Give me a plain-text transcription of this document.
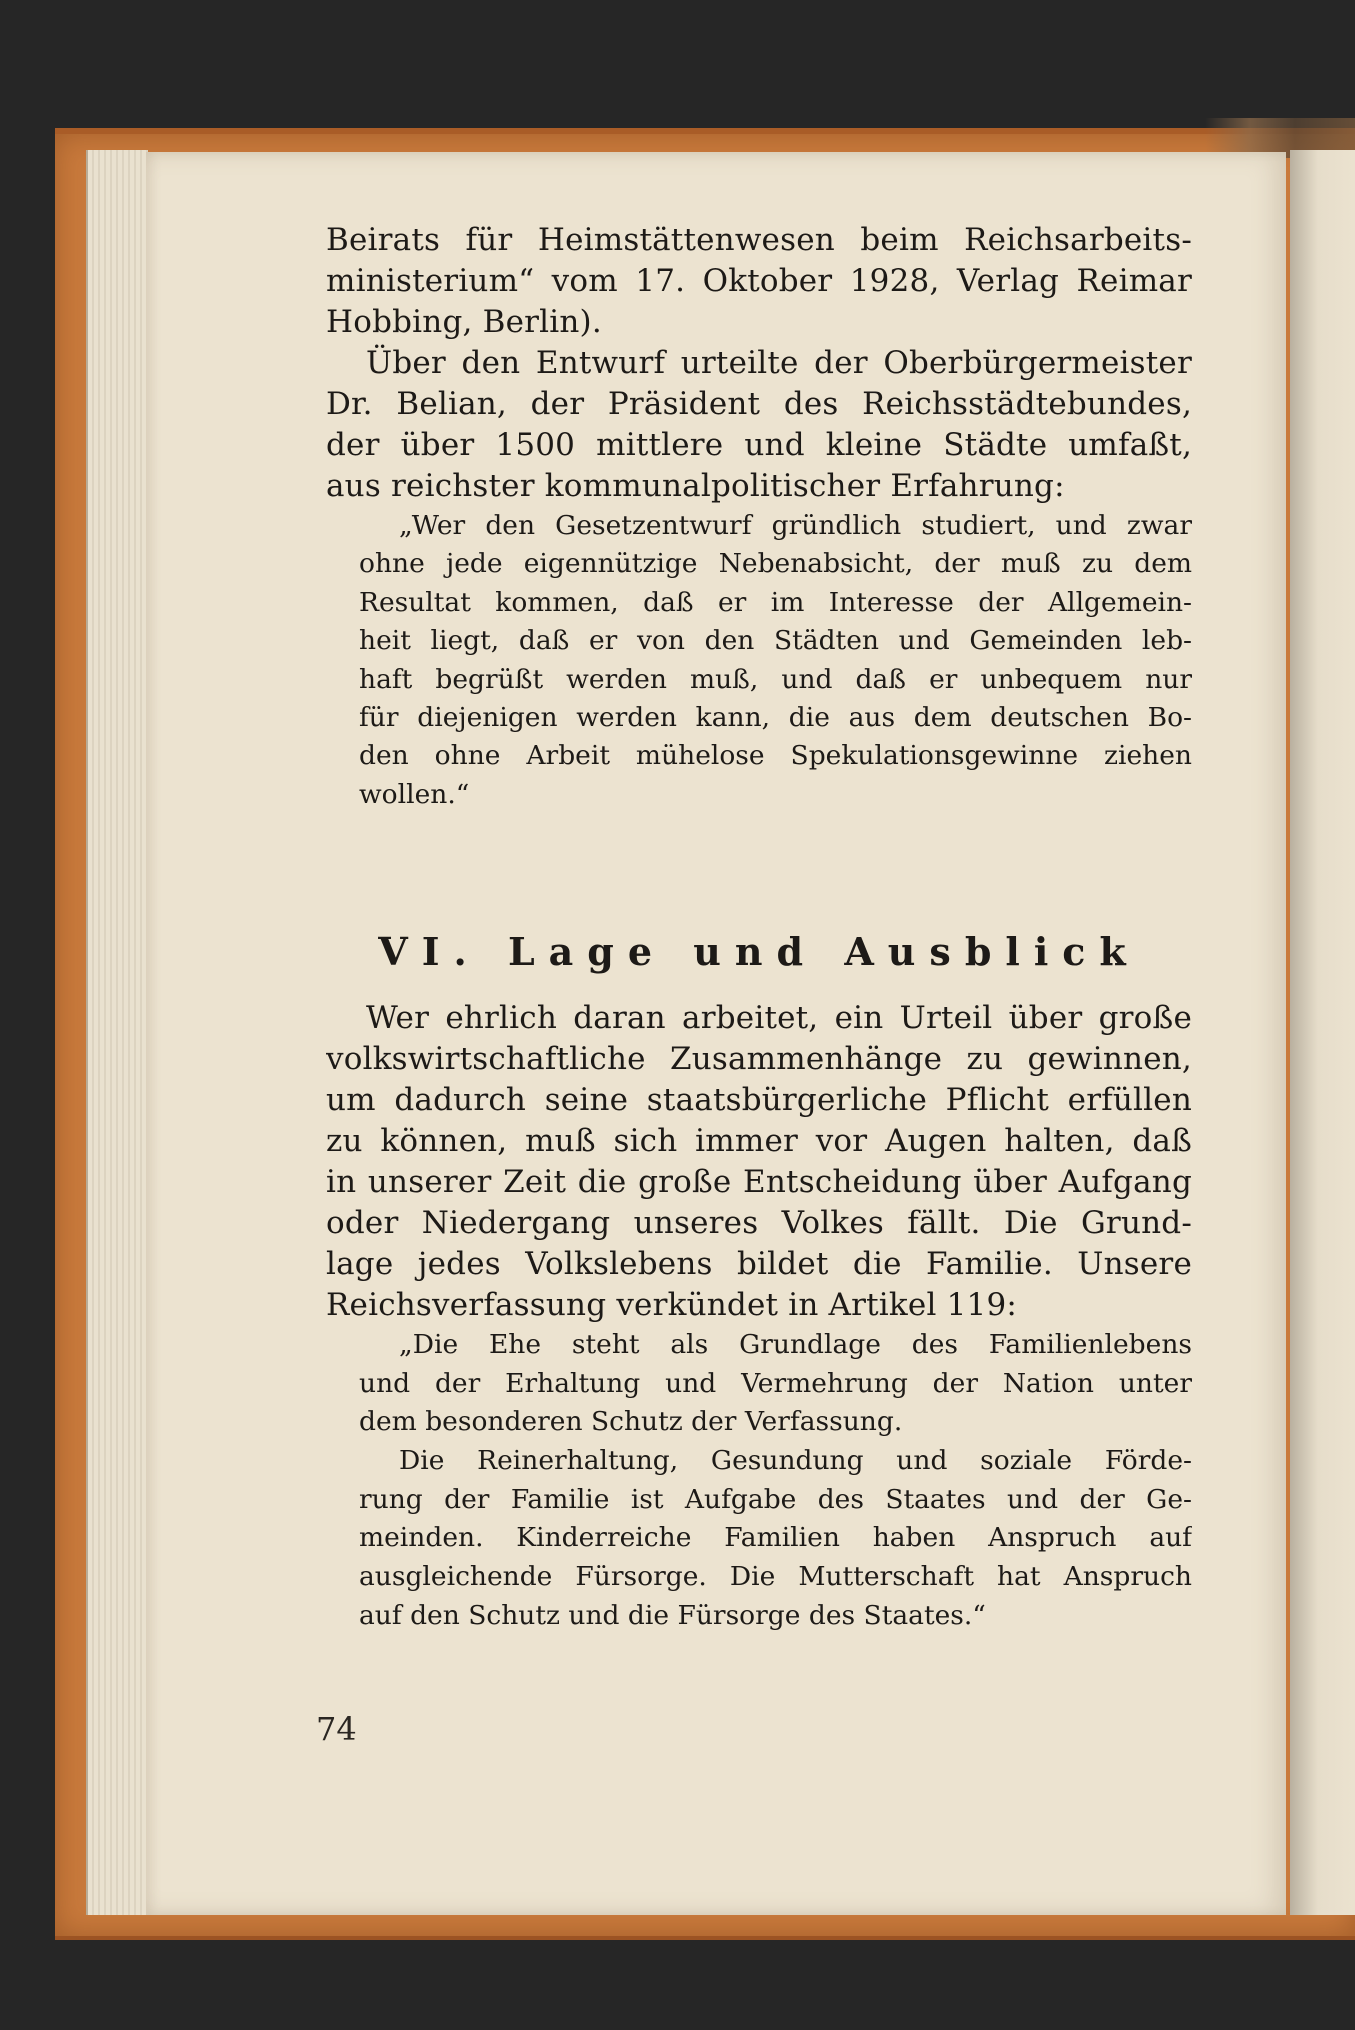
Beirats für Heimstättenwesen beim Reichsarbeits-
ministerium“ vom 17. Oktober 1928, Verlag Reimar
Hobbing, Berlin).
Über den Entwurf urteilte der Oberbürgermeister
Dr. Belian, der Präsident des Reichsstädtebundes,
der über 1500 mittlere und kleine Städte umfaßt,
aus reichster kommunalpolitischer Erfahrung:
„Wer den Gesetzentwurf gründlich studiert, und zwar
ohne jede eigennützige Nebenabsicht, der muß zu dem
Resultat kommen, daß er im Interesse der Allgemein-
heit liegt, daß er von den Städten und Gemeinden leb-
haft begrüßt werden muß, und daß er unbequem nur
für diejenigen werden kann, die aus dem deutschen Bo-
den ohne Arbeit mühelose Spekulationsgewinne ziehen
wollen.“
VI. Lage und Ausblick
Wer ehrlich daran arbeitet, ein Urteil über große
volkswirtschaftliche Zusammenhänge zu gewinnen,
um dadurch seine staatsbürgerliche Pflicht erfüllen
zu können, muß sich immer vor Augen halten, daß
in unserer Zeit die große Entscheidung über Aufgang
oder Niedergang unseres Volkes fällt. Die Grund-
lage jedes Volkslebens bildet die Familie. Unsere
Reichsverfassung verkündet in Artikel 119:
„Die Ehe steht als Grundlage des Familienlebens
und der Erhaltung und Vermehrung der Nation unter
dem besonderen Schutz der Verfassung.
Die Reinerhaltung, Gesundung und soziale Förde-
rung der Familie ist Aufgabe des Staates und der Ge-
meinden. Kinderreiche Familien haben Anspruch auf
ausgleichende Fürsorge. Die Mutterschaft hat Anspruch
auf den Schutz und die Fürsorge des Staates.“
74
